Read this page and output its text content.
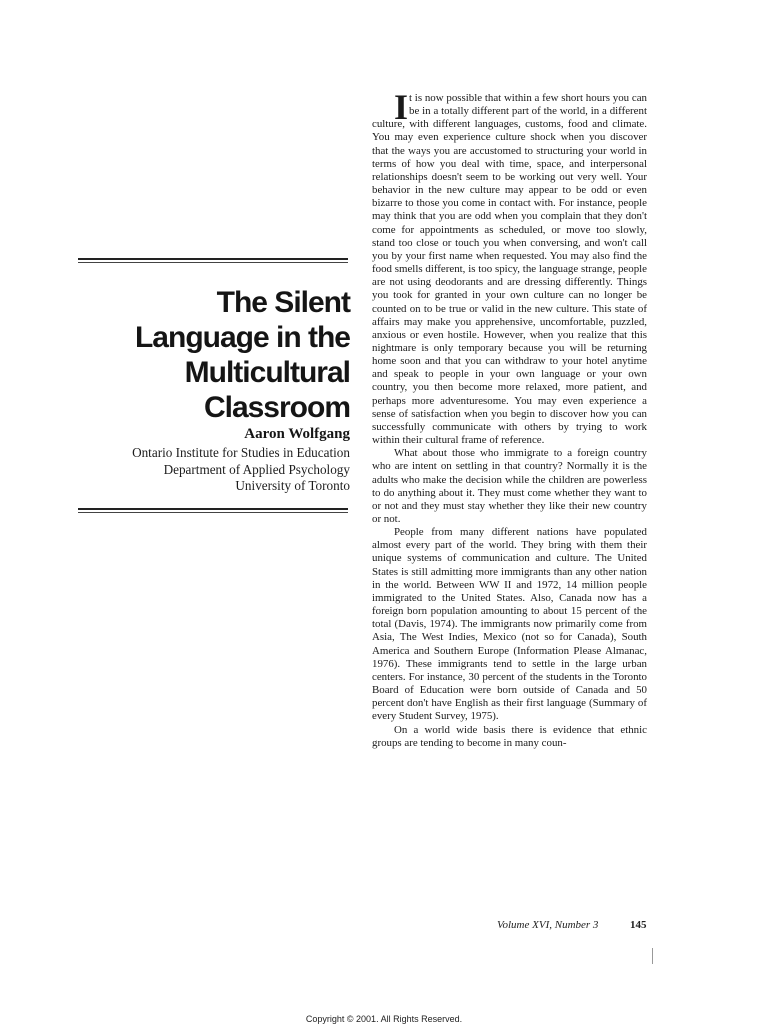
The Silent
Language in the
Multicultural
Classroom
Aaron Wolfgang
Ontario Institute for Studies in Education
Department of Applied Psychology
University of Toronto

It is now possible that within a few short hours you can be in a totally different part of the world, in a different culture, with different languages, customs, food and climate. You may even experience culture shock when you discover that the ways you are accustomed to structuring your world in terms of how you deal with time, space, and interpersonal relationships doesn't seem to be working out very well. Your behavior in the new culture may appear to be odd or even bizarre to those you come in contact with. For instance, people may think that you are odd when you complain that they don't come for appointments as scheduled, or move too slowly, stand too close or touch you when conversing, and won't call you by your first name when requested. You may also find the food smells different, is too spicy, the language strange, people are not using deodorants and are dressing differently. Things you took for granted in your own culture can no longer be counted on to be true or valid in the new culture. This state of affairs may make you apprehensive, uncomfortable, puzzled, anxious or even hostile. However, when you realize that this nightmare is only temporary because you will be returning home soon and that you can withdraw to your hotel anytime and speak to people in your own language or your own country, you then become more relaxed, more patient, and perhaps more adventuresome. You may even experience a sense of satisfaction when you begin to discover how you can successfully communicate with others by trying to work within their cultural frame of reference.

What about those who immigrate to a foreign country who are intent on settling in that country? Normally it is the adults who make the decision while the children are powerless to do anything about it. They must come whether they want to or not and they must stay whether they like their new country or not.

People from many different nations have populated almost every part of the world. They bring with them their unique systems of communication and culture. The United States is still admitting more immigrants than any other nation in the world. Between WW II and 1972, 14 million people immigrated to the United States. Also, Canada now has a foreign born population amounting to about 15 percent of the total (Davis, 1974). The immigrants now primarily come from Asia, The West Indies, Mexico (not so for Canada), South America and Southern Europe (Information Please Almanac, 1976). These immigrants tend to settle in the large urban centers. For instance, 30 percent of the students in the Toronto Board of Education were born outside of Canada and 50 percent don't have English as their first language (Summary of every Student Survey, 1975).

On a world wide basis there is evidence that ethnic groups are tending to become in many coun-

Volume XVI, Number 3	145
Copyright © 2001. All Rights Reserved.
